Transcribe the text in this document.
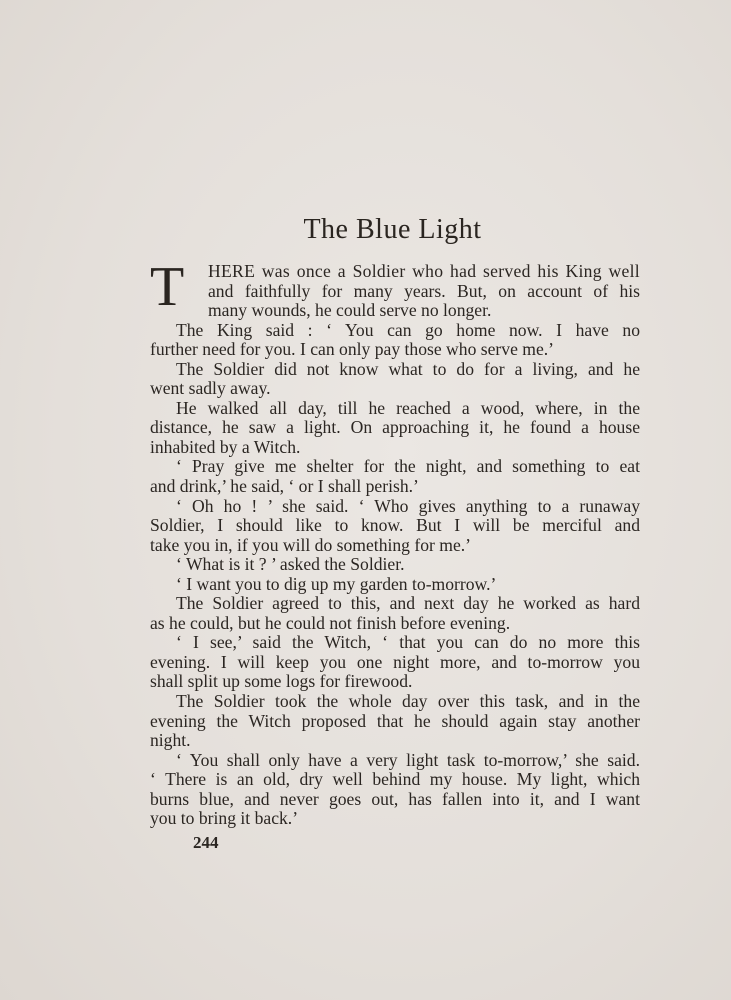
The Blue Light
T	HERE was once a Soldier who had served his King well
and faithfully for many years. But, on account of his
many wounds, he could serve no longer.
The King said : ‘ You can go home now. I have no
further need for you. I can only pay those who serve me.’
The Soldier did not know what to do for a living, and he
went sadly away.
He walked all day, till he reached a wood, where, in the
distance, he saw a light. On approaching it, he found a house
inhabited by a Witch.
‘ Pray give me shelter for the night, and something to eat
and drink,’ he said, ‘ or I shall perish.’
‘ Oh ho ! ’ she said. ‘ Who gives anything to a runaway
Soldier, I should like to know. But I will be merciful and
take you in, if you will do something for me.’
‘ What is it ? ’ asked the Soldier.
‘ I want you to dig up my garden to-morrow.’
The Soldier agreed to this, and next day he worked as hard
as he could, but he could not finish before evening.
‘ I see,’ said the Witch, ‘ that you can do no more this
evening. I will keep you one night more, and to-morrow you
shall split up some logs for firewood.
The Soldier took the whole day over this task, and in the
evening the Witch proposed that he should again stay another
night.
‘ You shall only have a very light task to-morrow,’ she said.
‘ There is an old, dry well behind my house. My light, which
burns blue, and never goes out, has fallen into it, and I want
you to bring it back.’
244
